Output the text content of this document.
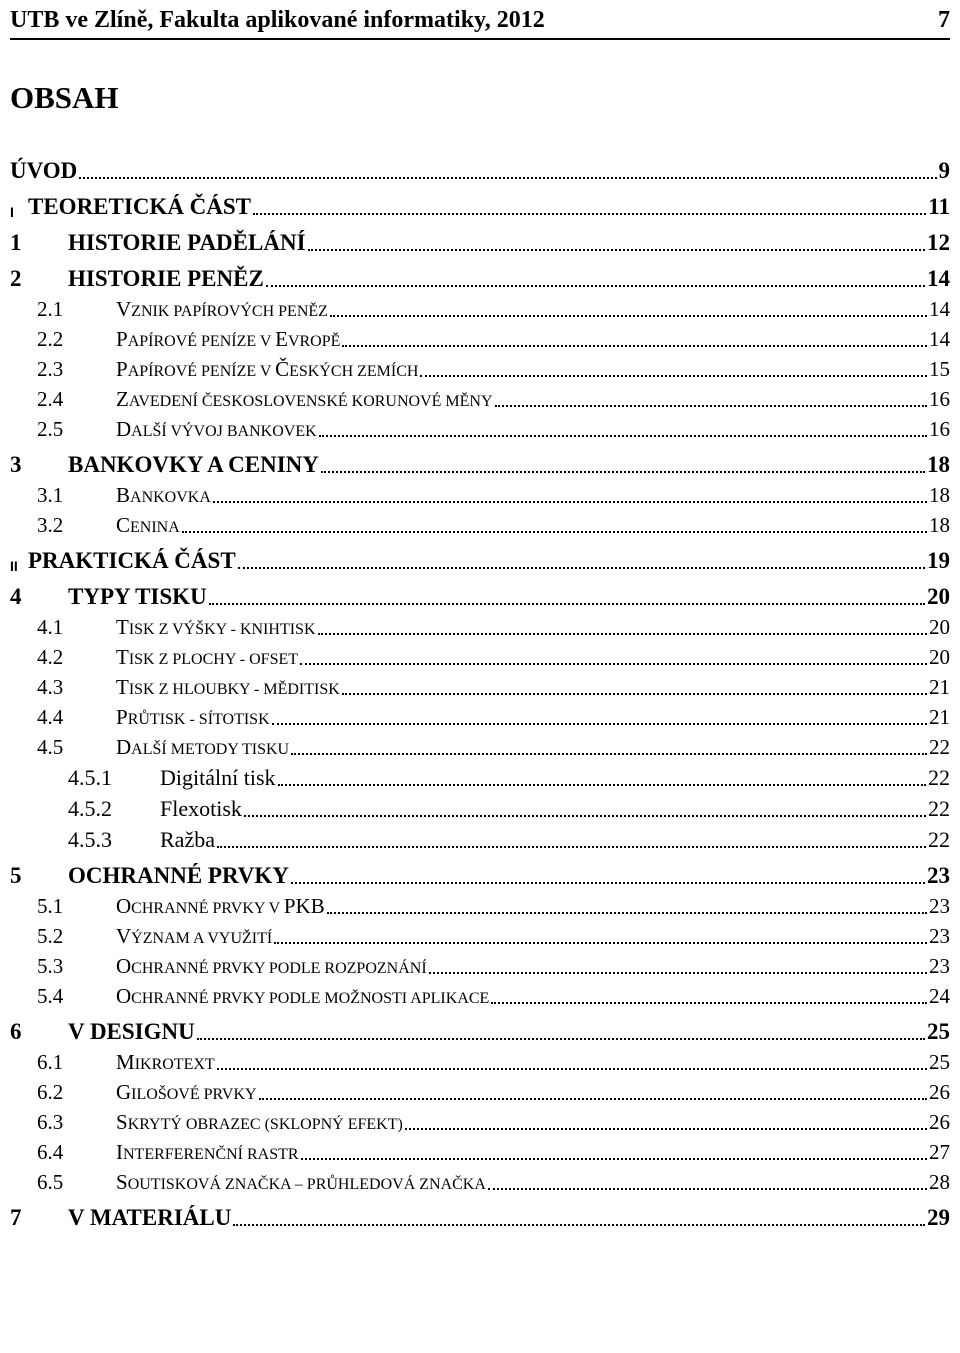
UTB ve Zlíně, Fakulta aplikované informatiky, 2012	7
OBSAH
ÚVOD	9
I TEORETICKÁ ČÁST	11
1	HISTORIE PADĚLÁNÍ	12
2	HISTORIE PENĚZ	14
2.1	VZNIK PAPÍROVÝCH PENĚZ	14
2.2	PAPÍROVÉ PENÍZE V EVROPĚ	14
2.3	PAPÍROVÉ PENÍZE V ČESKÝCH ZEMÍCH	15
2.4	ZAVEDENÍ ČESKOSLOVENSKÉ KORUNOVÉ MĚNY	16
2.5	DALŠÍ VÝVOJ BANKOVEK	16
3	BANKOVKY A CENINY	18
3.1	BANKOVKA	18
3.2	CENINA	18
II PRAKTICKÁ ČÁST	19
4	TYPY TISKU	20
4.1	TISK Z VÝŠKY - KNIHTISK	20
4.2	TISK Z PLOCHY - OFSET	20
4.3	TISK Z HLOUBKY - MĚDITISK	21
4.4	PRŮTISK - SÍTOTISK	21
4.5	DALŠÍ METODY TISKU	22
4.5.1	Digitální tisk	22
4.5.2	Flexotisk	22
4.5.3	Ražba	22
5	OCHRANNÉ PRVKY	23
5.1	OCHRANNÉ PRVKY V PKB	23
5.2	VÝZNAM A VYUŽITÍ	23
5.3	OCHRANNÉ PRVKY PODLE ROZPOZNÁNÍ	23
5.4	OCHRANNÉ PRVKY PODLE MOŽNOSTI APLIKACE	24
6	V DESIGNU	25
6.1	MIKROTEXT	25
6.2	GILOŠOVÉ PRVKY	26
6.3	SKRYTÝ OBRAZEC (SKLOPNÝ EFEKT)	26
6.4	INTERFERENČNÍ RASTR	27
6.5	SOUTISKOVÁ ZNAČKA – PRŮHLEDOVÁ ZNAČKA	28
7	V MATERIÁLU	29
